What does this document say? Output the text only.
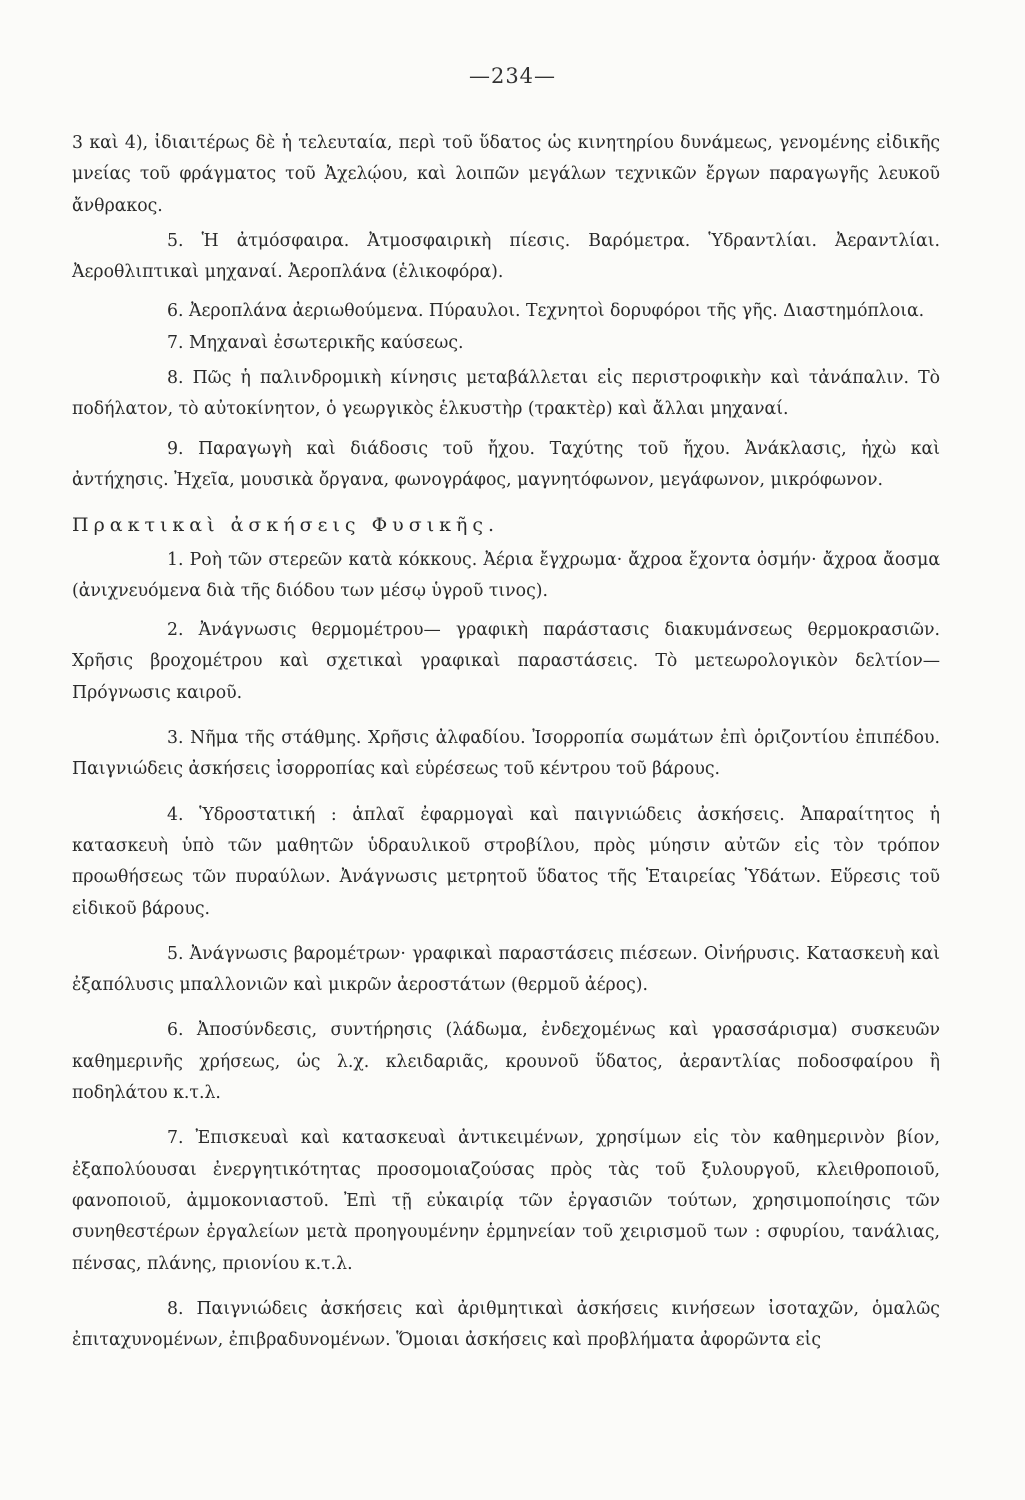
—234—

3 καὶ 4), ἰδιαιτέρως δὲ ἡ τελευταία, περὶ τοῦ ὕδατος ὡς κινητηρίου δυνάμεως, γενομένης εἰδικῆς μνείας τοῦ φράγματος τοῦ Ἀχελῴου, καὶ λοιπῶν μεγάλων τεχνικῶν ἔργων παραγωγῆς λευκοῦ ἄνθρακος.

5. Ἡ ἀτμόσφαιρα. Ἀτμοσφαιρικὴ πίεσις. Βαρόμετρα. Ὑδραντλίαι. Ἀεραντλίαι. Ἀεροθλιπτικαὶ μηχαναί. Ἀεροπλάνα (ἑλικοφόρα).

6. Ἀεροπλάνα ἀεριωθούμενα. Πύραυλοι. Τεχνητοὶ δορυφόροι τῆς γῆς. Διαστημόπλοια.

7. Μηχαναὶ ἐσωτερικῆς καύσεως.

8. Πῶς ἡ παλινδρομικὴ κίνησις μεταβάλλεται εἰς περιστροφικὴν καὶ τἀνάπαλιν. Τὸ ποδήλατον, τὸ αὐτοκίνητον, ὁ γεωργικὸς ἑλκυστὴρ (τρακτὲρ) καὶ ἄλλαι μηχαναί.

9. Παραγωγὴ καὶ διάδοσις τοῦ ἤχου. Ταχύτης τοῦ ἤχου. Ἀνάκλασις, ἠχὼ καὶ ἀντήχησις. Ἠχεῖα, μουσικὰ ὄργανα, φωνογράφος, μαγνητόφωνον, μεγάφωνον, μικρόφωνον.

Πρακτικαὶ ἀσκήσεις Φυσικῆς.

1. Ροὴ τῶν στερεῶν κατὰ κόκκους. Ἀέρια ἔγχρωμα· ἄχροα ἔχοντα ὀσμήν· ἄχροα ἄοσμα (ἀνιχνευόμενα διὰ τῆς διόδου των μέσῳ ὑγροῦ τινος).

2. Ἀνάγνωσις θερμομέτρου— γραφικὴ παράστασις διακυμάνσεως θερμοκρασιῶν. Χρῆσις βροχομέτρου καὶ σχετικαὶ γραφικαὶ παραστάσεις. Τὸ μετεωρολογικὸν δελτίον—Πρόγνωσις καιροῦ.

3. Νῆμα τῆς στάθμης. Χρῆσις ἀλφαδίου. Ἰσορροπία σωμάτων ἐπὶ ὁριζοντίου ἐπιπέδου. Παιγνιώδεις ἀσκήσεις ἰσορροπίας καὶ εὑρέσεως τοῦ κέντρου τοῦ βάρους.

4. Ὑδροστατική : ἁπλαῖ ἐφαρμογαὶ καὶ παιγνιώδεις ἀσκήσεις. Ἀπαραίτητος ἡ κατασκευὴ ὑπὸ τῶν μαθητῶν ὑδραυλικοῦ στροβίλου, πρὸς μύησιν αὐτῶν εἰς τὸν τρόπον προωθήσεως τῶν πυραύλων. Ἀνάγνωσις μετρητοῦ ὕδατος τῆς Ἑταιρείας Ὑδάτων. Εὕρεσις τοῦ εἰδικοῦ βάρους.

5. Ἀνάγνωσις βαρομέτρων· γραφικαὶ παραστάσεις πιέσεων. Οἰνήρυσις. Κατασκευὴ καὶ ἐξαπόλυσις μπαλλονιῶν καὶ μικρῶν ἀεροστάτων (θερμοῦ ἀέρος).

6. Ἀποσύνδεσις, συντήρησις (λάδωμα, ἐνδεχομένως καὶ γρασσάρισμα) συσκευῶν καθημερινῆς χρήσεως, ὡς λ.χ. κλειδαριᾶς, κρουνοῦ ὕδατος, ἀεραντλίας ποδοσφαίρου ἢ ποδηλάτου κ.τ.λ.

7. Ἐπισκευαὶ καὶ κατασκευαὶ ἀντικειμένων, χρησίμων εἰς τὸν καθημερινὸν βίον, ἐξαπολύουσαι ἐνεργητικότητας προσομοιαζούσας πρὸς τὰς τοῦ ξυλουργοῦ, κλειθροποιοῦ, φανοποιοῦ, ἀμμοκονιαστοῦ. Ἐπὶ τῇ εὐκαιρίᾳ τῶν ἐργασιῶν τούτων, χρησιμοποίησις τῶν συνηθεστέρων ἐργαλείων μετὰ προηγουμένην ἑρμηνείαν τοῦ χειρισμοῦ των : σφυρίου, τανάλιας, πένσας, πλάνης, πριονίου κ.τ.λ.

8. Παιγνιώδεις ἀσκήσεις καὶ ἀριθμητικαὶ ἀσκήσεις κινήσεων ἰσοταχῶν, ὁμαλῶς ἐπιταχυνομένων, ἐπιβραδυνομένων. Ὅμοιαι ἀσκήσεις καὶ προβλήματα ἀφορῶντα εἰς
